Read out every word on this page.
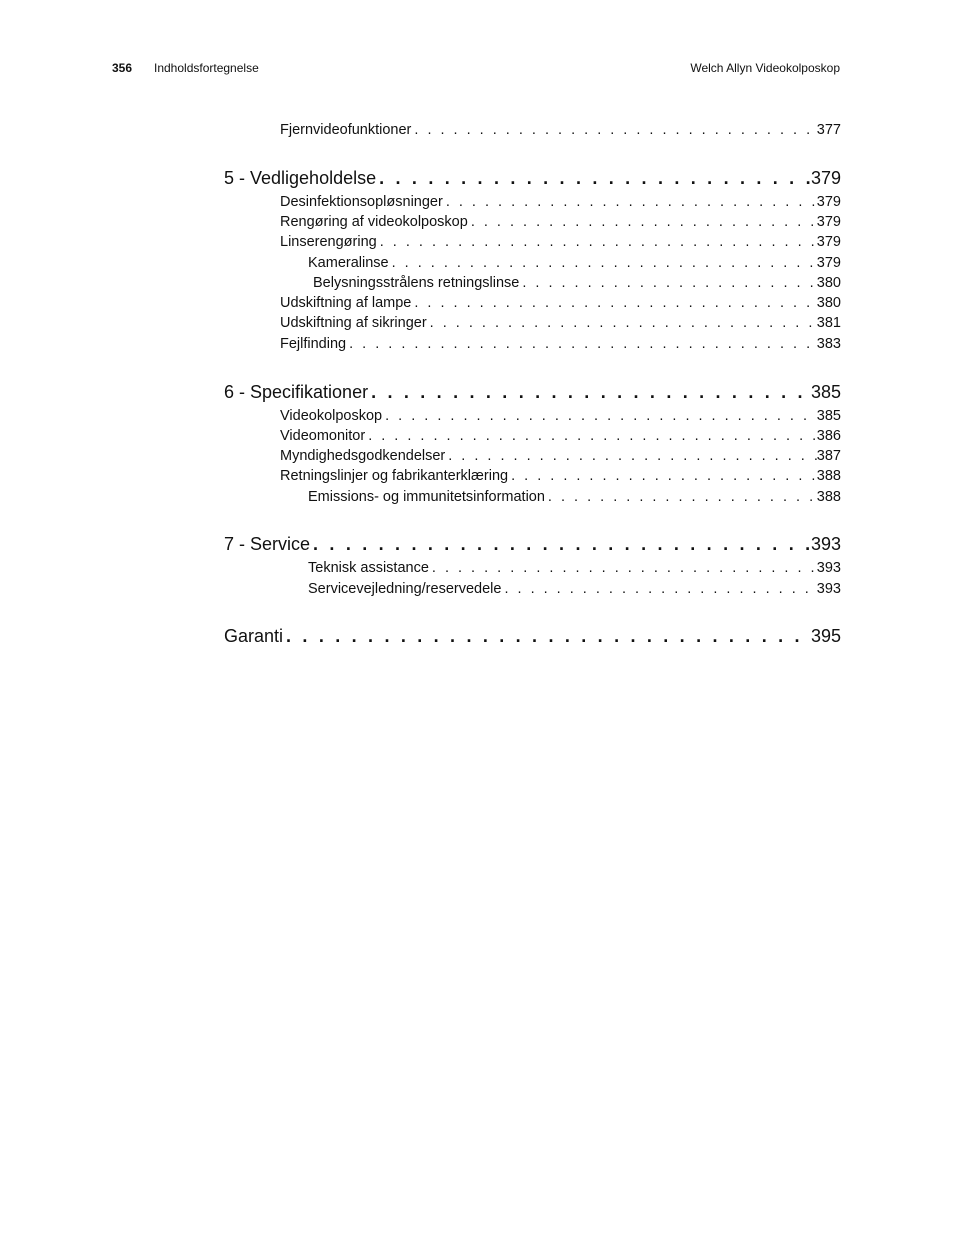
356 Indholdsfortegnelse	Welch Allyn Videokolposkop
Fjernvideofunktioner . . .	377
5 - Vedligeholdelse . . .	379
Desinfektionsopløsninger . . .	379
Rengøring af videokolposkop . . .	379
Linserengøring . . .	379
Kameralinse . . .	379
Belysningsstrålens retningslinse . . .	380
Udskiftning af lampe . . .	380
Udskiftning af sikringer . . .	381
Fejlfinding . . .	383
6 - Specifikationer . . .	385
Videokolposkop . . .	385
Videomonitor . . .	386
Myndighedsgodkendelser . . .	387
Retningslinjer og fabrikanterklæring . . .	388
Emissions- og immunitetsinformation . . .	388
7 - Service . . .	393
Teknisk assistance . . .	393
Servicevejledning/reservedele . . .	393
Garanti . . .	395
